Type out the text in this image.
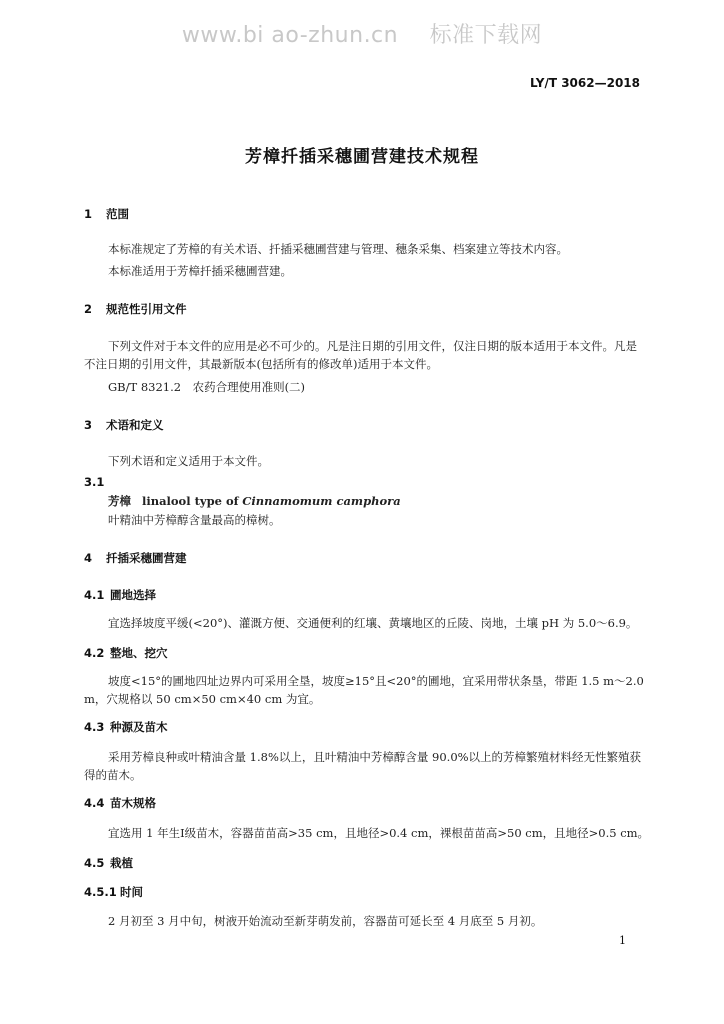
www.bi ao-zhun.cn 标准下载网
LY/T 3062—2018
芳樟扦插采穗圃营建技术规程
1 范围
本标准规定了芳樟的有关术语、扦插采穗圃营建与管理、穗条采集、档案建立等技术内容。
本标准适用于芳樟扦插采穗圃营建。
2 规范性引用文件
下列文件对于本文件的应用是必不可少的。凡是注日期的引用文件，仅注日期的版本适用于本文件。凡是不注日期的引用文件，其最新版本(包括所有的修改单)适用于本文件。
GB/T 8321.2　农药合理使用准则(二)
3 术语和定义
下列术语和定义适用于本文件。
3.1
芳樟 linalool type of Cinnamomum camphora
叶精油中芳樟醇含量最高的樟树。
4 扦插采穗圃营建
4.1 圃地选择
宜选择坡度平缓(<20°)、灌溉方便、交通便利的红壤、黄壤地区的丘陵、岗地，土壤 pH 为 5.0～6.9。
4.2 整地、挖穴
坡度<15°的圃地四址边界内可采用全垦，坡度≥15°且<20°的圃地，宜采用带状条垦，带距 1.5 m～2.0 m，穴规格以 50 cm×50 cm×40 cm 为宜。
4.3 种源及苗木
采用芳樟良种或叶精油含量 1.8%以上，且叶精油中芳樟醇含量 90.0%以上的芳樟繁殖材料经无性繁殖获得的苗木。
4.4 苗木规格
宜选用 1 年生Ⅰ级苗木，容器苗苗高>35 cm，且地径>0.4 cm，裸根苗苗高>50 cm，且地径>0.5 cm。
4.5 栽植
4.5.1 时间
2 月初至 3 月中旬，树液开始流动至新芽萌发前，容器苗可延长至 4 月底至 5 月初。
1
